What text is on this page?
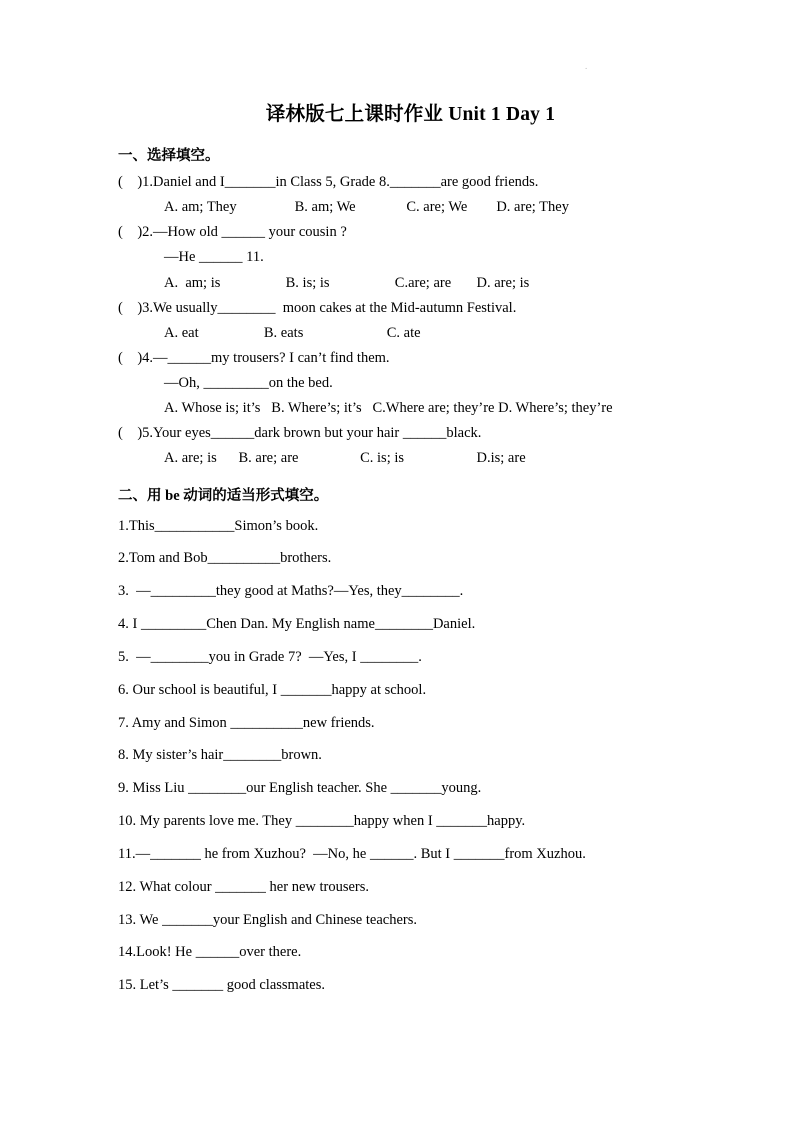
.
译林版七上课时作业 Unit 1 Day 1
一、选择填空。
(    )1.Daniel and I_______in Class 5, Grade 8._______are good friends.
A. am; They                B. am; We              C. are; We        D. are; They
(    )2.—How old ______ your cousin ?
—He ______ 11.
A.  am; is                  B. is; is                  C.are; are       D. are; is
(    )3.We usually________  moon cakes at the Mid-autumn Festival.
A. eat                  B. eats                       C. ate
(    )4.—______my trousers? I can’t find them.
—Oh, _________on the bed.
A. Whose is; it’s   B. Where’s; it’s   C.Where are; they’re D. Where’s; they’re
(    )5.Your eyes______dark brown but your hair ______black.
A. are; is      B. are; are                 C. is; is                    D.is; are
二、用 be 动词的适当形式填空。
1.This___________Simon’s book.
2.Tom and Bob__________brothers.
3.  —_________they good at Maths?—Yes, they________.
4. I _________Chen Dan. My English name________Daniel.
5.  —________you in Grade 7?  —Yes, I ________.
6. Our school is beautiful, I _______happy at school.
7. Amy and Simon __________new friends.
8. My sister’s hair________brown.
9. Miss Liu ________our English teacher. She _______young.
10. My parents love me. They ________happy when I _______happy.
11.—_______ he from Xuzhou?  —No, he ______. But I _______from Xuzhou.
12. What colour _______ her new trousers.
13. We _______your English and Chinese teachers.
14.Look! He ______over there.
15. Let’s _______ good classmates.
